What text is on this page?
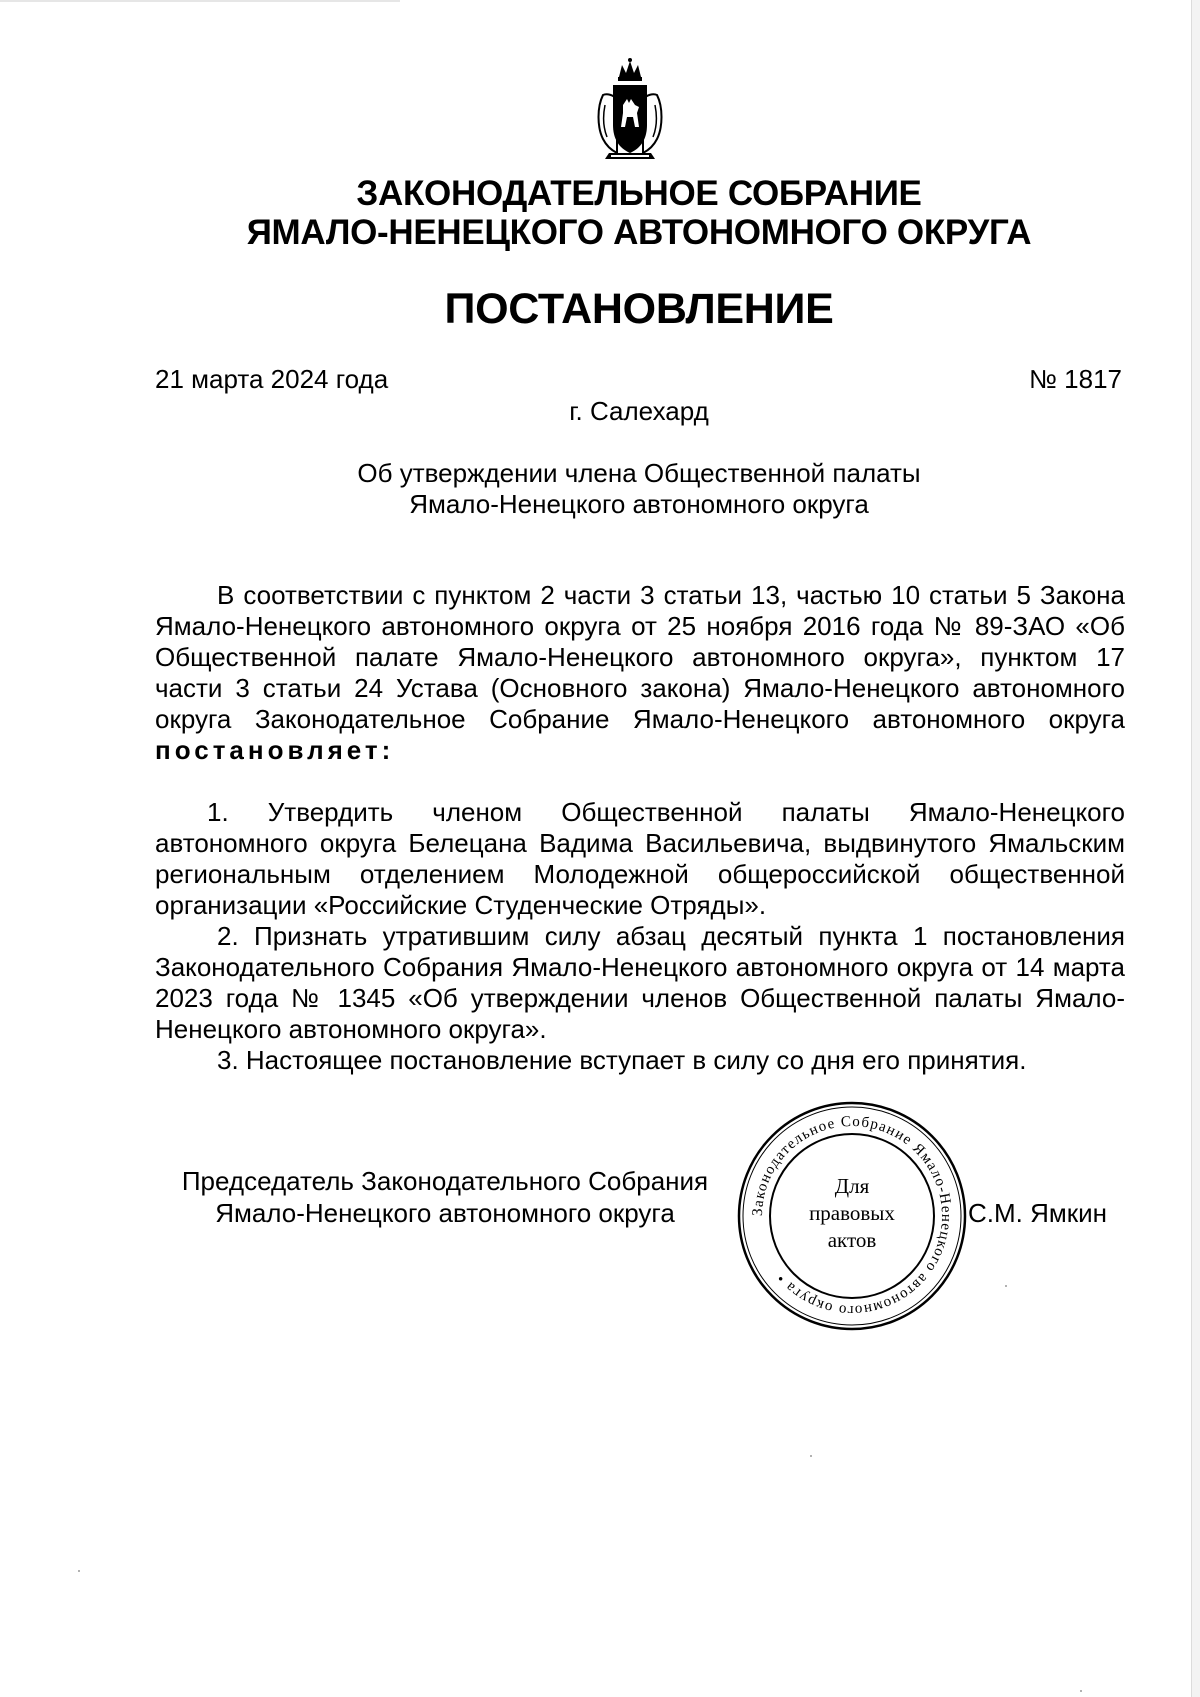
ЗАКОНОДАТЕЛЬНОЕ СОБРАНИЕ
ЯМАЛО-НЕНЕЦКОГО АВТОНОМНОГО ОКРУГА
ПОСТАНОВЛЕНИЕ
21 марта 2024 года	№ 1817
г. Салехард
Об утверждении члена Общественной палаты
Ямало-Ненецкого автономного округа

В соответствии с пунктом 2 части 3 статьи 13, частью 10 статьи 5 Закона Ямало-Ненецкого автономного округа от 25 ноября 2016 года № 89-ЗАО «Об Общественной палате Ямало-Ненецкого автономного округа», пунктом 17 части 3 статьи 24 Устава (Основного закона) Ямало-Ненецкого автономного округа Законодательное Собрание Ямало-Ненецкого автономного округа постановляет:

1. Утвердить членом Общественной палаты Ямало-Ненецкого автономного округа Белецана Вадима Васильевича, выдвинутого Ямальским региональным отделением Молодежной общероссийской общественной организации «Российские Студенческие Отряды».

2. Признать утратившим силу абзац десятый пункта 1 постановления Законодательного Собрания Ямало-Ненецкого автономного округа от 14 марта 2023 года № 1345 «Об утверждении членов Общественной палаты Ямало-Ненецкого автономного округа».

3. Настоящее постановление вступает в силу со дня его принятия.

Председатель Законодательного Собрания
Ямало-Ненецкого автономного округа	С.М. Ямкин
Законодательное Собрание Ямало-Ненецкого автономного округа •
Для
правовых
актов
